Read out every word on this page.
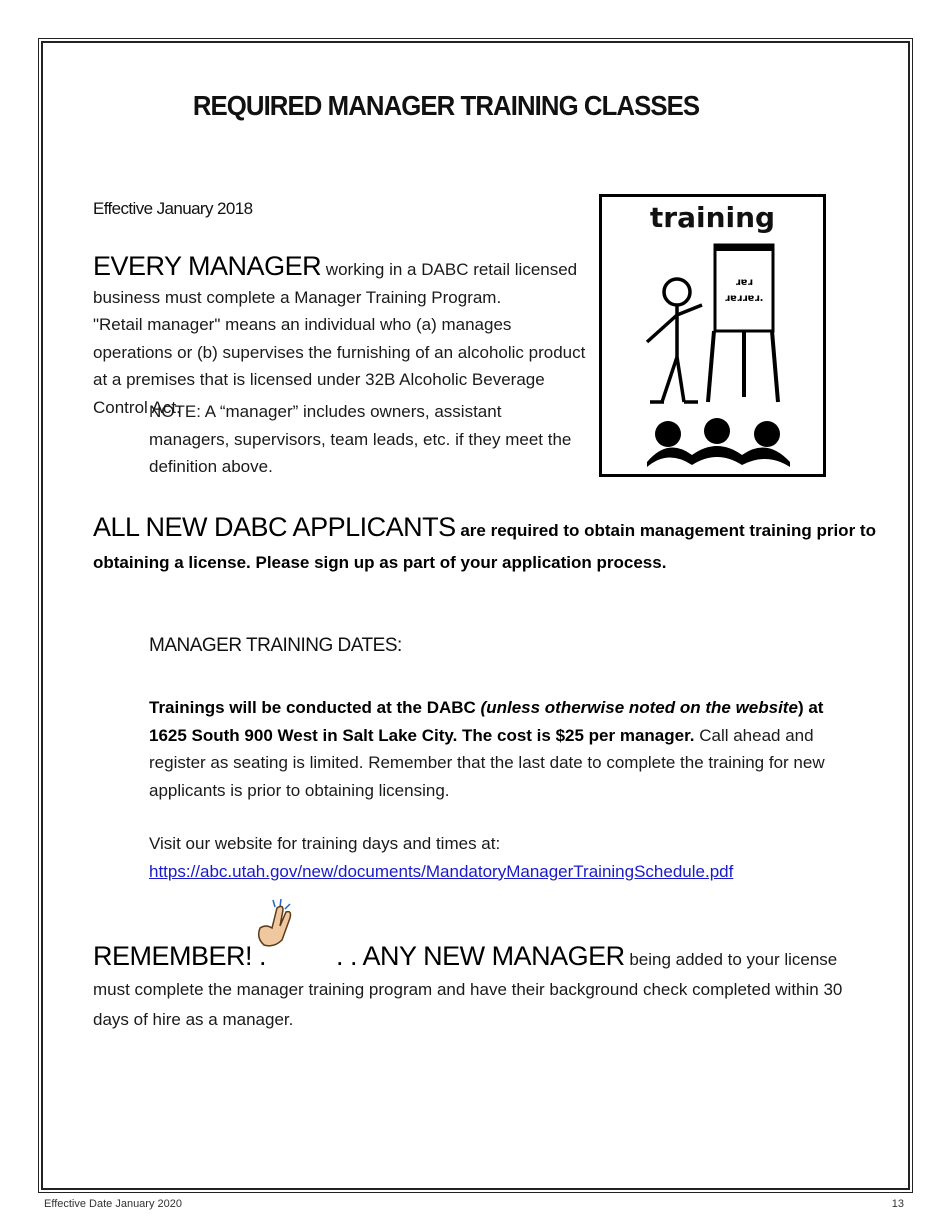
REQUIRED MANAGER TRAINING CLASSES
Effective January 2018
EVERY MANAGER working in a DABC retail licensed business must complete a Manager Training Program.
"Retail manager" means an individual who (a) manages operations or (b) supervises the furnishing of an alcoholic product at a premises that is licensed under 32B Alcoholic Beverage Control Act.
NOTE: A “manager” includes owners, assistant managers, supervisors, team leads, etc. if they meet the definition above.
training
ɹɐɹ
ɹɐɹɹɐɹ.
ALL NEW DABC APPLICANTS are required to obtain management training prior to obtaining a license. Please sign up as part of your application process.
MANAGER TRAINING DATES:
Trainings will be conducted at the DABC (unless otherwise noted on the website) at 1625 South 900 West in Salt Lake City. The cost is $25 per manager. Call ahead and register as seating is limited. Remember that the last date to complete the training for new applicants is prior to obtaining licensing.
Visit our website for training days and times at:
https://abc.utah.gov/new/documents/MandatoryManagerTrainingSchedule.pdf
REMEMBER! .	. . ANY NEW MANAGER being added to your license must complete the manager training program and have their background check completed within 30 days of hire as a manager.
Effective Date January 2020	13
